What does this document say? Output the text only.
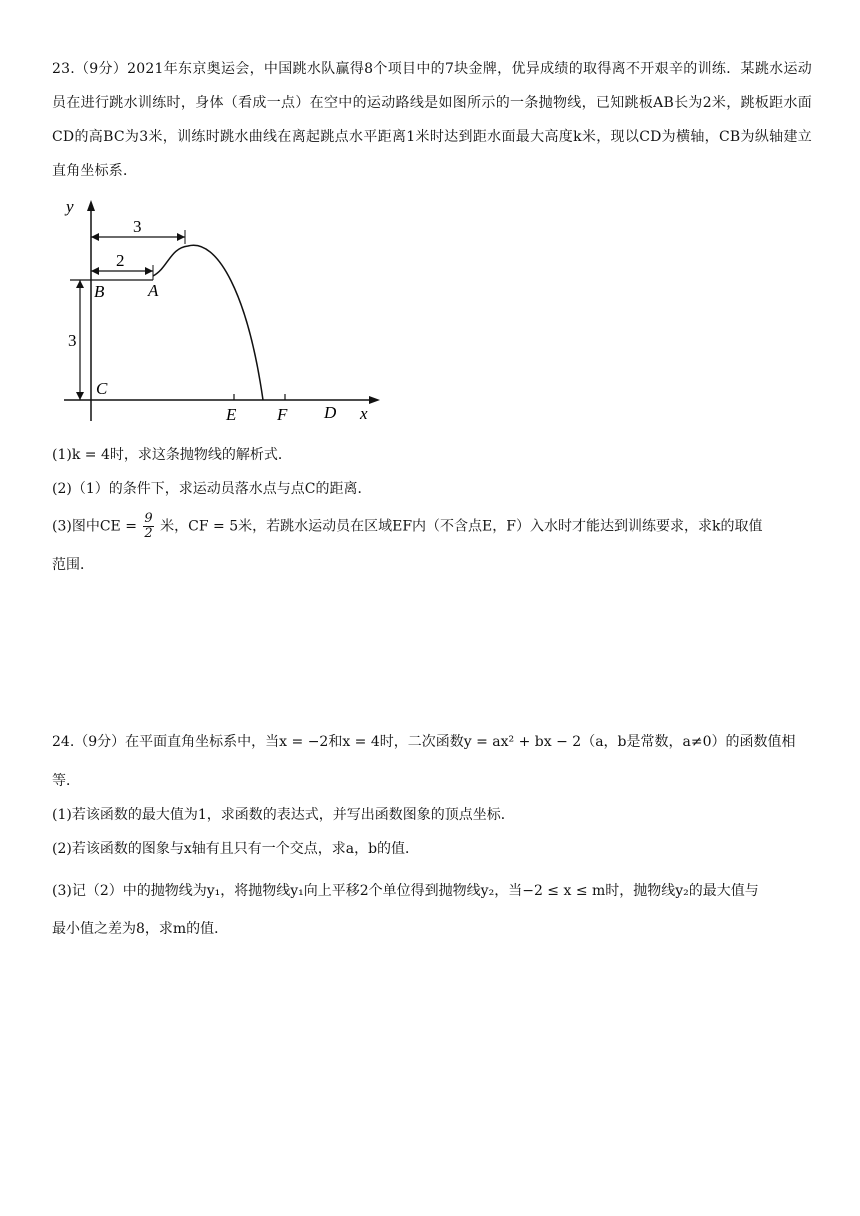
23.（9分）2021年东京奥运会，中国跳水队赢得8个项目中的7块金牌，优异成绩的取得离不开艰辛的训练．某跳水运动员在进行跳水训练时，身体（看成一点）在空中的运动路线是如图所示的一条抛物线，已知跳板AB长为2米，跳板距水面CD的高BC为3米，训练时跳水曲线在离起跳点水平距离1米时达到距水面最大高度k米，现以CD为横轴，CB为纵轴建立直角坐标系．
y
x
3
2
3
B	A
C
E F D
(1)k = 4时，求这条抛物线的解析式．
(2)（1）的条件下，求运动员落水点与点C的距离．
(3)图中CE = $\frac{9}{2}$ 米，CF = 5米，若跳水运动员在区域EF内（不含点E，F）入水时才能达到训练要求，求k的取值
范围．
24.（9分）在平面直角坐标系中，当x = −2和x = 4时，二次函数y = ax² + bx − 2（a，b是常数，a≠0）的函数值相
等．
(1)若该函数的最大值为1，求函数的表达式，并写出函数图象的顶点坐标．
(2)若该函数的图象与x轴有且只有一个交点，求a，b的值．
(3)记（2）中的抛物线为y₁，将抛物线y₁向上平移2个单位得到抛物线y₂，当−2 ≤ x ≤ m时，抛物线y₂的最大值与
最小值之差为8，求m的值．
